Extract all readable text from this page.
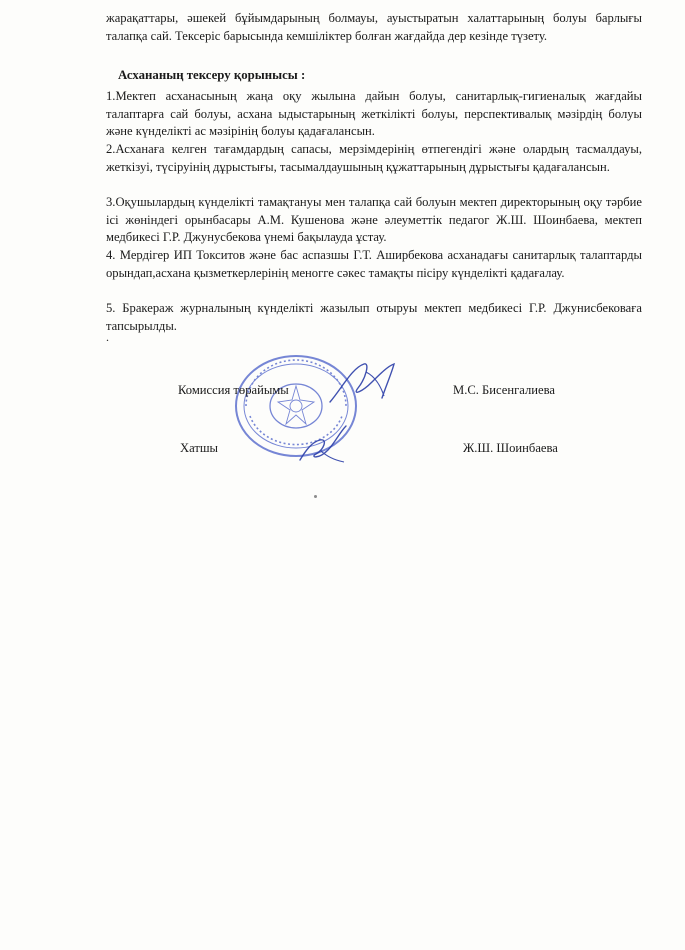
жарақаттары, әшекей бұйымдарының болмауы, ауыстыратын халаттарының болуы барлығы талапқа сай. Тексеріс барысында кемшіліктер болған жағдайда дер кезінде түзету.
Асхананың тексеру қорынысы :
1.Мектеп асханасының жаңа оқу жылына дайын болуы, санитарлық-гигиеналық жағдайы талаптарға сай болуы, асхана ыдыстарының жеткілікті болуы, перспективалық мәзірдің болуы және күнделікті ас мәзірінің болуы қадағалансын.
2.Асханаға келген тағамдардың сапасы, мерзімдерінің өтпегендігі және олардың тасмалдауы, жеткізуі, түсіруінің дұрыстығы, тасымалдаушының құжаттарының дұрыстығы қадағалансын.
3.Оқушылардың күнделікті тамақтануы мен талапқа сай болуын мектеп директорының оқу тәрбие ісі жөніндегі орынбасары А.М. Кушенова және әлеуметтік педагог Ж.Ш. Шоинбаева, мектеп медбикесі Г.Р. Джунусбекова үнемі бақылауда ұстау.
4. Мердігер ИП Токситов және бас аспазшы Г.Т. Аширбекова асханадағы санитарлық талаптарды орындап,асхана қызметкерлерінің меногге сәкес тамақты пісіру күнделікті қадағалау.
5. Бракераж журналының күнделікті жазылып отыруы мектеп медбикесі Г.Р. Джунисбековаға тапсырылды.
.
Комиссия төрайымы	М.С. Бисенгалиева
Хатшы	Ж.Ш. Шоинбаева
